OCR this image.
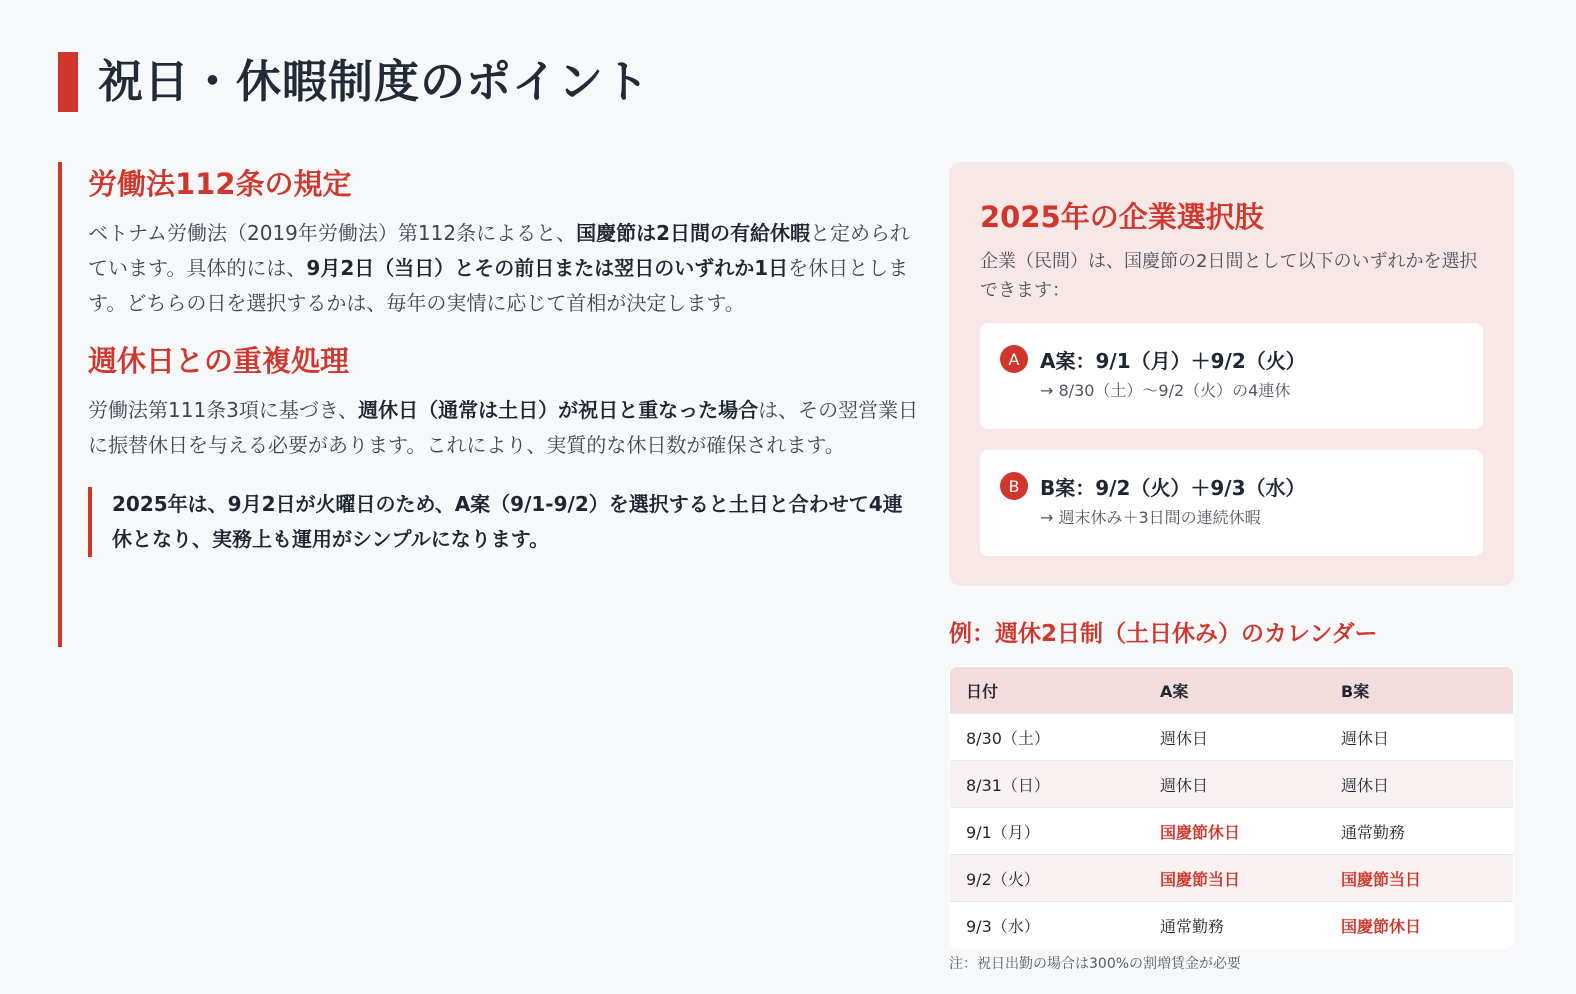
祝日・休暇制度のポイント
労働法112条の規定

ベトナム労働法（2019年労働法）第112条によると、国慶節は2日間の有給休暇と定められています。具体的には、9月2日（当日）とその前日または翌日のいずれか1日を休日とします。どちらの日を選択するかは、毎年の実情に応じて首相が決定します。

週休日との重複処理

労働法第111条3項に基づき、週休日（通常は土日）が祝日と重なった場合は、その翌営業日に振替休日を与える必要があります。これにより、実質的な休日数が確保されます。

2025年は、9月2日が火曜日のため、A案（9/1-9/2）を選択すると土日と合わせて4連休となり、実務上も運用がシンプルになります。
2025年の企業選択肢

企業（民間）は、国慶節の2日間として以下のいずれかを選択できます：

A	A案：9/1（月）＋9/2（火）
→ 8/30（土）〜9/2（火）の4連休
B	B案：9/2（火）＋9/3（水）
→ 週末休み＋3日間の連続休暇
例：週休2日制（土日休み）のカレンダー
日付	A案	B案
8/30（土）	週休日	週休日
8/31（日）	週休日	週休日
9/1（月）	国慶節休日	通常勤務
9/2（火）	国慶節当日	国慶節当日
9/3（水）	通常勤務	国慶節休日
注：祝日出勤の場合は300%の割増賃金が必要
